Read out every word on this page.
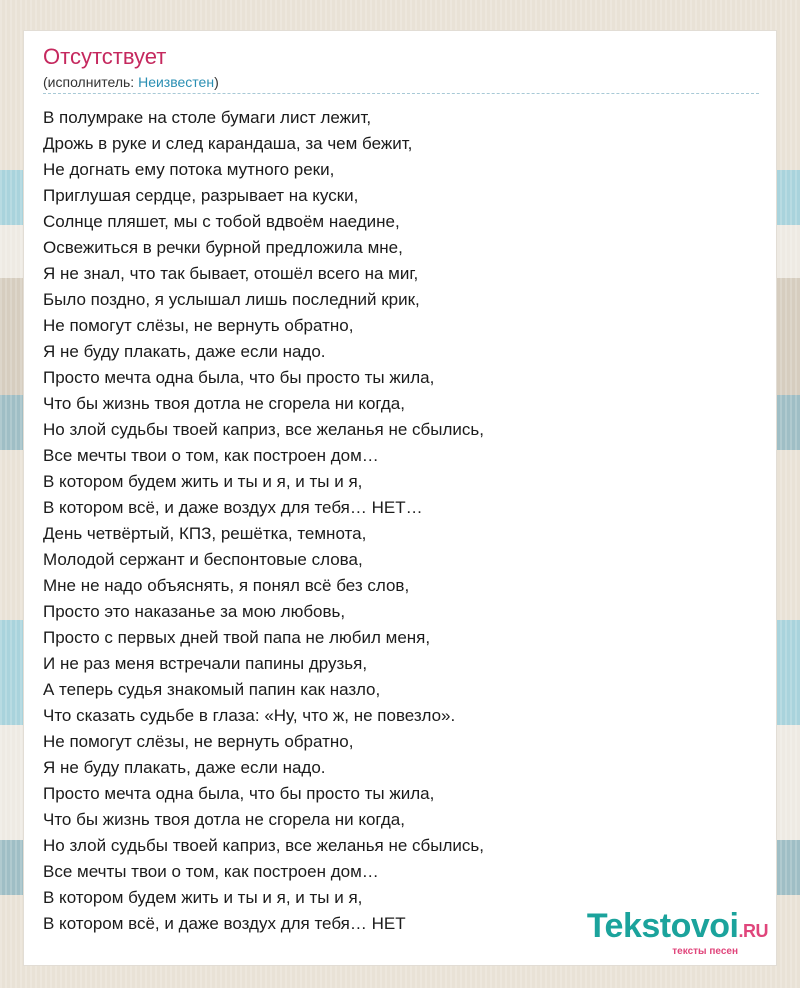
Отсутствует
(исполнитель: Неизвестен)
В полумраке на столе бумаги лист лежит,
Дрожь в руке и след карандаша, за чем бежит,
Не догнать ему потока мутного реки,
Приглушая сердце, разрывает на куски,
Солнце пляшет, мы с тобой вдвоём наедине,
Освежиться в речки бурной предложила мне,
Я не знал, что так бывает, отошёл всего на миг,
Было поздно, я услышал лишь последний крик,
Не помогут слёзы, не вернуть обратно,
Я не буду плакать, даже если надо.
Просто мечта одна была, что бы просто ты жила,
Что бы жизнь твоя дотла не сгорела ни когда,
Но злой судьбы твоей каприз, все желанья не сбылись,
Все мечты твои о том, как построен дом…
В котором будем жить и ты и я, и ты и я,
В котором всё, и даже воздух для тебя… НЕТ…
День четвёртый, КПЗ, решётка, темнота,
Молодой сержант и беспонтовые слова,
Мне не надо объяснять, я понял всё без слов,
Просто это наказанье за мою любовь,
Просто с первых дней твой папа не любил меня,
И не раз меня встречали папины друзья,
А теперь судья знакомый папин как назло,
Что сказать судьбе в глаза: «Ну, что ж, не повезло».
Не помогут слёзы, не вернуть обратно,
Я не буду плакать, даже если надо.
Просто мечта одна была, что бы просто ты жила,
Что бы жизнь твоя дотла не сгорела ни когда,
Но злой судьбы твоей каприз, все желанья не сбылись,
Все мечты твои о том, как построен дом…
В котором будем жить и ты и я, и ты и я,
В котором всё, и даже воздух для тебя… НЕТ	Tekstovoi.RU
тексты песен
